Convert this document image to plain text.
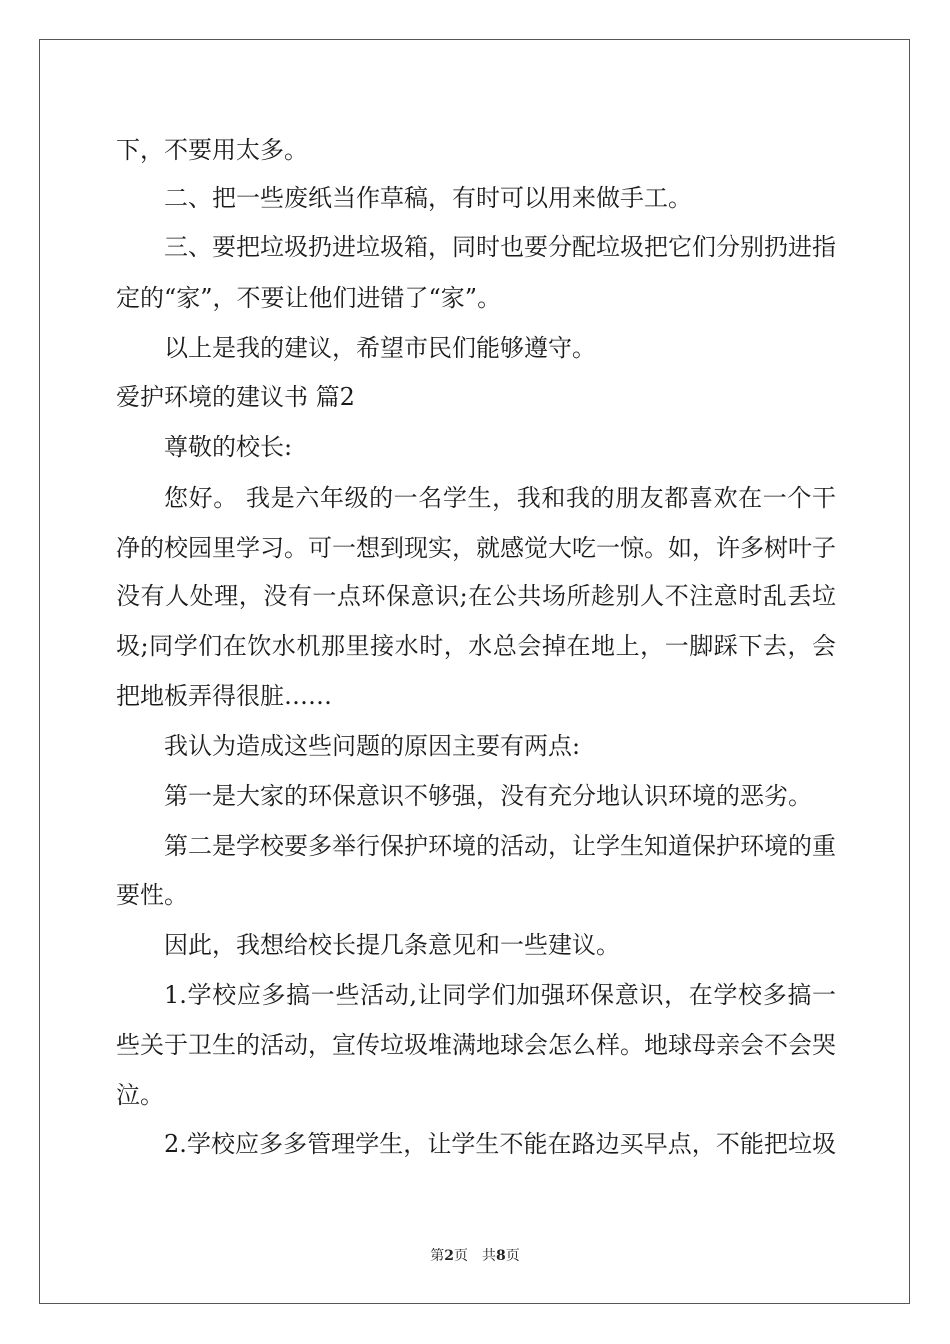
下，不要用太多。
二、把一些废纸当作草稿，有时可以用来做手工。
三、要把垃圾扔进垃圾箱，同时也要分配垃圾把它们分别扔进指
定的“家”，不要让他们进错了“家”。
以上是我的建议，希望市民们能够遵守。
爱护环境的建议书 篇2
尊敬的校长:
您好。 我是六年级的一名学生，我和我的朋友都喜欢在一个干
净的校园里学习。可一想到现实，就感觉大吃一惊。如，许多树叶子
没有人处理，没有一点环保意识;在公共场所趁别人不注意时乱丢垃
圾;同学们在饮水机那里接水时，水总会掉在地上，一脚踩下去，会
把地板弄得很脏……
我认为造成这些问题的原因主要有两点:
第一是大家的环保意识不够强，没有充分地认识环境的恶劣。
第二是学校要多举行保护环境的活动，让学生知道保护环境的重
要性。
因此，我想给校长提几条意见和一些建议。
1.学校应多搞一些活动,让同学们加强环保意识，在学校多搞一
些关于卫生的活动，宣传垃圾堆满地球会怎么样。地球母亲会不会哭
泣。
2.学校应多多管理学生，让学生不能在路边买早点，不能把垃圾
第2页 共8页
